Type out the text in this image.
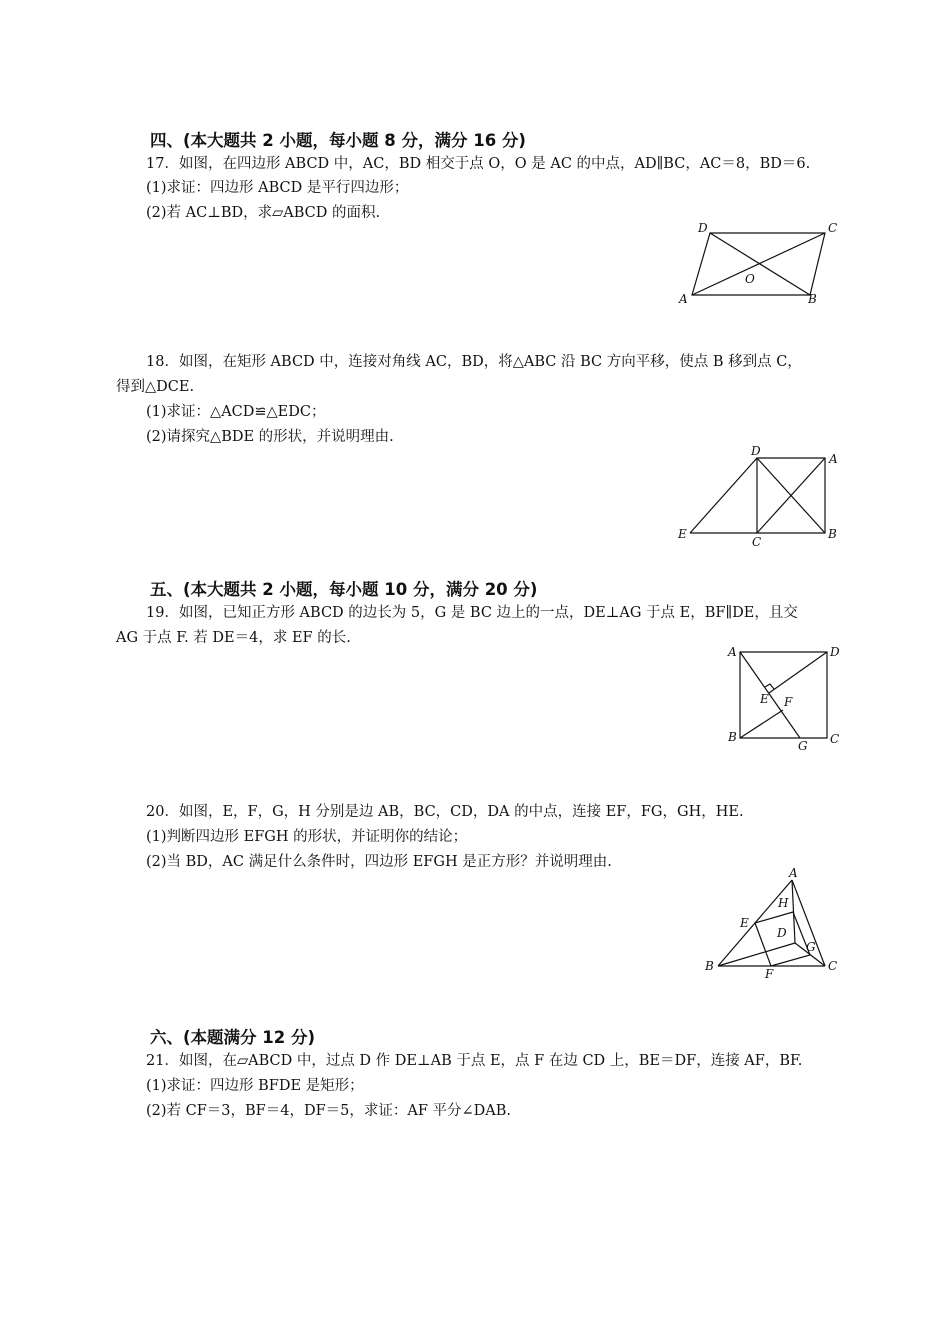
四、(本大题共 2 小题，每小题 8 分，满分 16 分)
17．如图，在四边形 ABCD 中，AC，BD 相交于点 O，O 是 AC 的中点，AD∥BC，AC＝8，BD＝6.
(1)求证：四边形 ABCD 是平行四边形；
(2)若 AC⊥BD，求▱ABCD 的面积.
D	C
O
A	B
18．如图，在矩形 ABCD 中，连接对角线 AC，BD，将△ABC 沿 BC 方向平移，使点 B 移到点 C，
得到△DCE.
(1)求证：△ACD≌△EDC；
(2)请探究△BDE 的形状，并说明理由.
D
A
E
C
B
五、(本大题共 2 小题，每小题 10 分，满分 20 分)
19．如图，已知正方形 ABCD 的边长为 5，G 是 BC 边上的一点，DE⊥AG 于点 E，BF∥DE，且交
AG 于点 F. 若 DE＝4，求 EF 的长.
A	D
E F
B
G C
20．如图，E，F，G，H 分别是边 AB，BC，CD，DA 的中点，连接 EF，FG，GH，HE.
(1)判断四边形 EFGH 的形状，并证明你的结论；
(2)当 BD，AC 满足什么条件时，四边形 EFGH 是正方形？并说明理由.
A
H
E
D
G
B
F
C
六、(本题满分 12 分)
21．如图，在▱ABCD 中，过点 D 作 DE⊥AB 于点 E，点 F 在边 CD 上，BE＝DF，连接 AF，BF.
(1)求证：四边形 BFDE 是矩形；
(2)若 CF＝3，BF＝4，DF＝5，求证：AF 平分∠DAB.
